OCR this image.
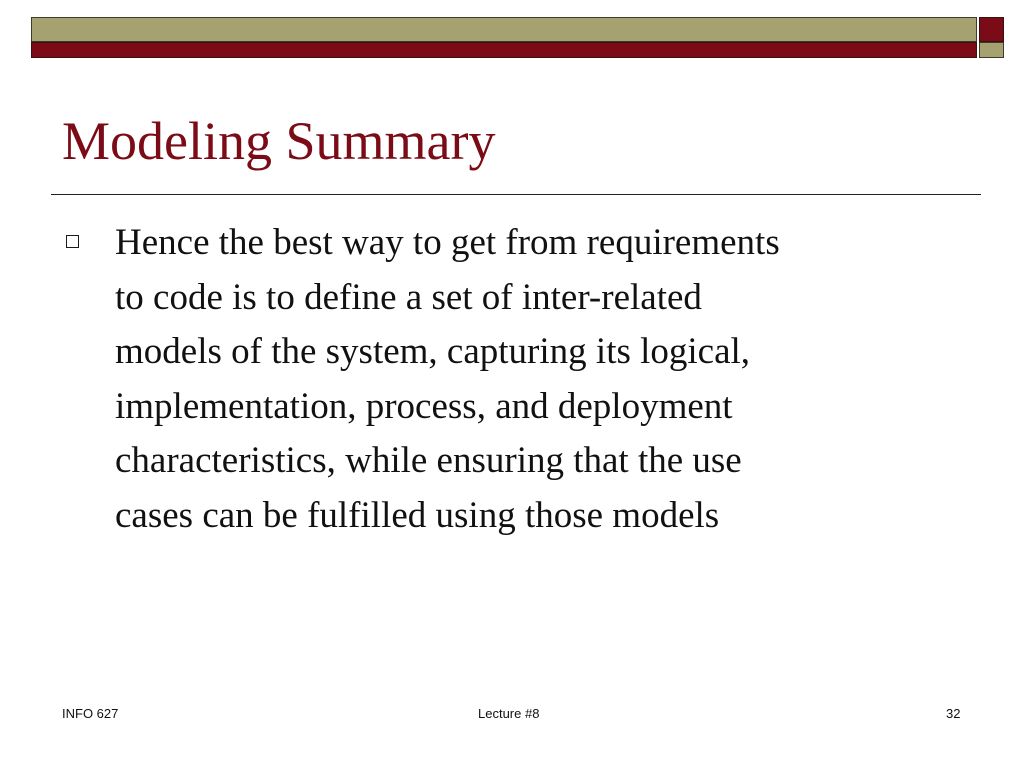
Modeling Summary

Hence the best way to get from requirements
to code is to define a set of inter-related
models of the system, capturing its logical,
implementation, process, and deployment
characteristics, while ensuring that the use
cases can be fulfilled using those models

INFO 627	Lecture #8	32
